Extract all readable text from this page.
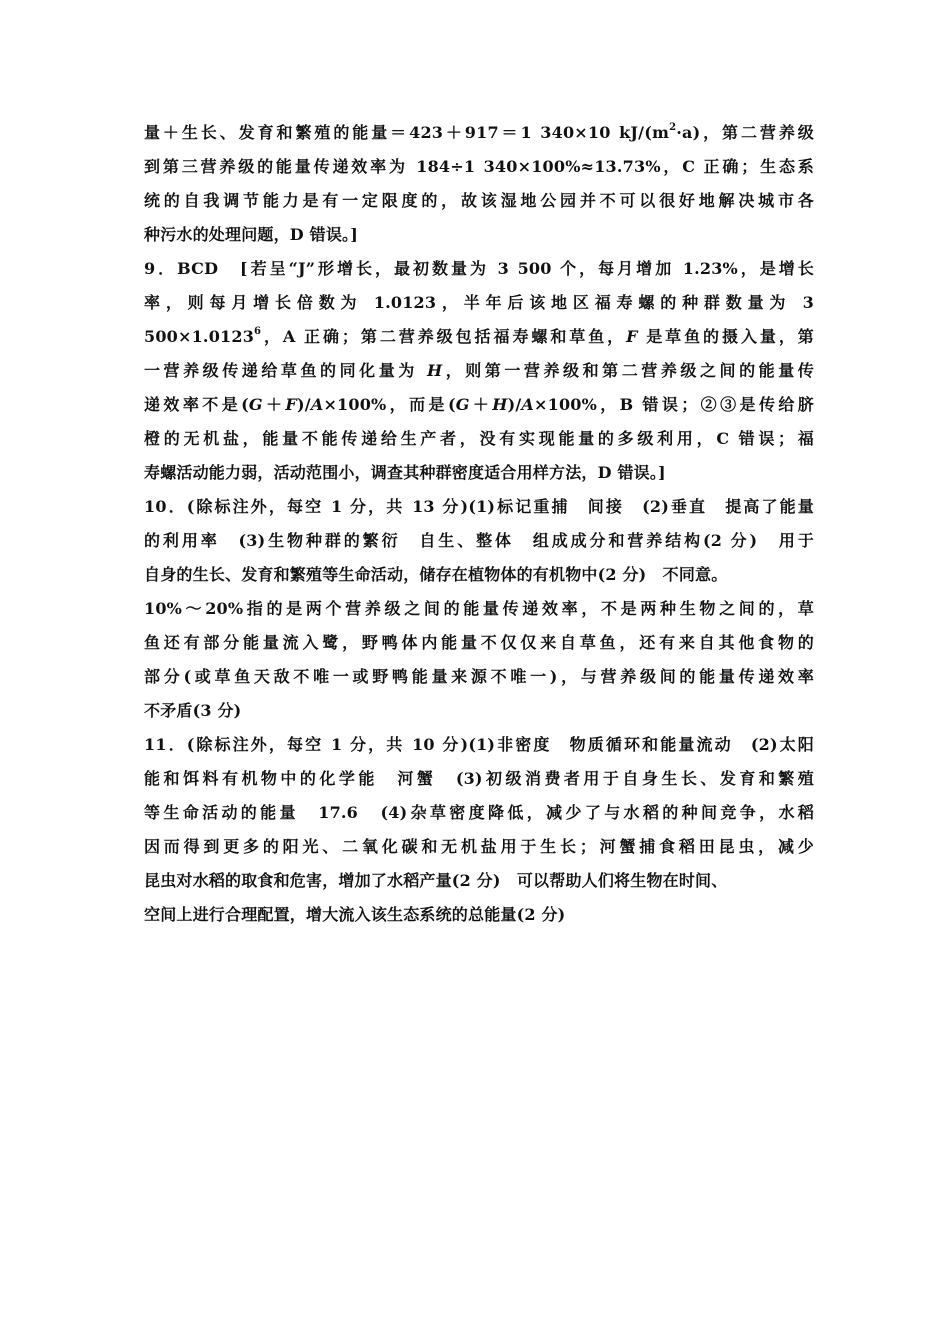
量＋生长、发育和繁殖的能量＝423＋917＝1 340×10 $kJ/(m^2\cdot a)$，第二营养级
到第三营养级的能量传递效率为 184÷1 340×100%≈13.73%，C 正确；生态系
统的自我调节能力是有一定限度的，故该湿地公园并不可以很好地解决城市各
种污水的处理问题，D 错误。]

9．BCD　[若呈“J”形增长，最初数量为 3 500 个，每月增加 1.23%，是增长
率，则每月增长倍数为 1.0123，半年后该地区福寿螺的种群数量为 3
$500\times 1.0123^6$，A 正确；第二营养级包括福寿螺和草鱼，F 是草鱼的摄入量，第
一营养级传递给草鱼的同化量为 H，则第一营养级和第二营养级之间的能量传
递效率不是(G＋F)/A×100%，而是(G＋H)/A×100%，B 错误；②③是传给脐
橙的无机盐，能量不能传递给生产者，没有实现能量的多级利用，C 错误；福
寿螺活动能力弱，活动范围小，调查其种群密度适合用样方法，D 错误。]

10．(除标注外，每空 1 分，共 13 分)(1)标记重捕　间接　(2)垂直　提高了能量
的利用率　(3)生物种群的繁衍　自生、整体　组成成分和营养结构(2 分)　用于
自身的生长、发育和繁殖等生命活动，储存在植物体的有机物中(2 分)　不同意。
10%～20%指的是两个营养级之间的能量传递效率，不是两种生物之间的，草
鱼还有部分能量流入鹭，野鸭体内能量不仅仅来自草鱼，还有来自其他食物的
部分(或草鱼天敌不唯一或野鸭能量来源不唯一)，与营养级间的能量传递效率
不矛盾(3 分)

11．(除标注外，每空 1 分，共 10 分)(1)非密度　物质循环和能量流动　(2)太阳
能和饵料有机物中的化学能　河蟹　(3)初级消费者用于自身生长、发育和繁殖
等生命活动的能量　17.6　(4)杂草密度降低，减少了与水稻的种间竞争，水稻
因而得到更多的阳光、二氧化碳和无机盐用于生长；河蟹捕食稻田昆虫，减少
昆虫对水稻的取食和危害，增加了水稻产量(2 分)　可以帮助人们将生物在时间、
空间上进行合理配置，增大流入该生态系统的总能量(2 分)
